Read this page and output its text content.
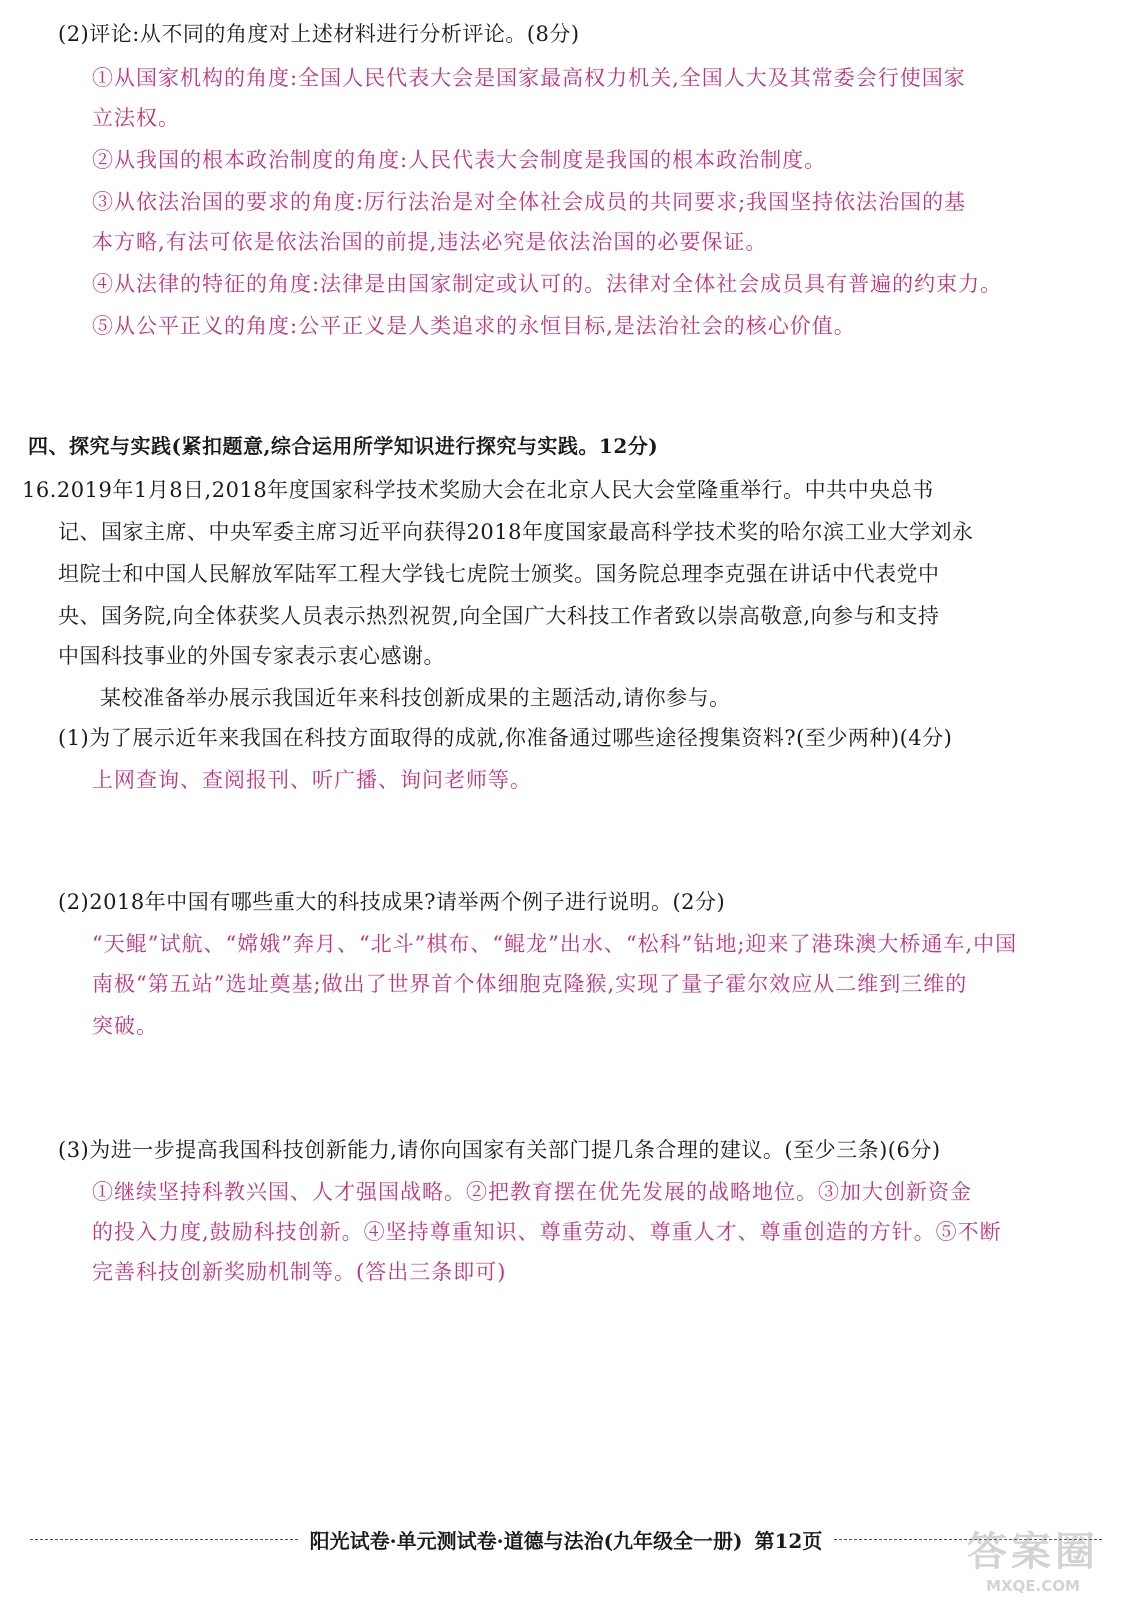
(2)评论:从不同的角度对上述材料进行分析评论。(8分)
①从国家机构的角度:全国人民代表大会是国家最高权力机关,全国人大及其常委会行使国家
立法权。
②从我国的根本政治制度的角度:人民代表大会制度是我国的根本政治制度。
③从依法治国的要求的角度:厉行法治是对全体社会成员的共同要求;我国坚持依法治国的基
本方略,有法可依是依法治国的前提,违法必究是依法治国的必要保证。
④从法律的特征的角度:法律是由国家制定或认可的。法律对全体社会成员具有普遍的约束力。
⑤从公平正义的角度:公平正义是人类追求的永恒目标,是法治社会的核心价值。
四、探究与实践(紧扣题意,综合运用所学知识进行探究与实践。12分)
16.2019年1月8日,2018年度国家科学技术奖励大会在北京人民大会堂隆重举行。中共中央总书
记、国家主席、中央军委主席习近平向获得2018年度国家最高科学技术奖的哈尔滨工业大学刘永
坦院士和中国人民解放军陆军工程大学钱七虎院士颁奖。国务院总理李克强在讲话中代表党中
央、国务院,向全体获奖人员表示热烈祝贺,向全国广大科技工作者致以崇高敬意,向参与和支持
中国科技事业的外国专家表示衷心感谢。
某校准备举办展示我国近年来科技创新成果的主题活动,请你参与。
(1)为了展示近年来我国在科技方面取得的成就,你准备通过哪些途径搜集资料?(至少两种)(4分)
上网查询、查阅报刊、听广播、询问老师等。
(2)2018年中国有哪些重大的科技成果?请举两个例子进行说明。(2分)
“天鲲”试航、“嫦娥”奔月、“北斗”棋布、“鲲龙”出水、“松科”钻地;迎来了港珠澳大桥通车,中国
南极“第五站”选址奠基;做出了世界首个体细胞克隆猴,实现了量子霍尔效应从二维到三维的
突破。
(3)为进一步提高我国科技创新能力,请你向国家有关部门提几条合理的建议。(至少三条)(6分)
①继续坚持科教兴国、人才强国战略。②把教育摆在优先发展的战略地位。③加大创新资金
的投入力度,鼓励科技创新。④坚持尊重知识、尊重劳动、尊重人才、尊重创造的方针。⑤不断
完善科技创新奖励机制等。(答出三条即可)
阳光试卷·单元测试卷·道德与法治(九年级全一册) 第12页	答案圈
MXQE.COM
